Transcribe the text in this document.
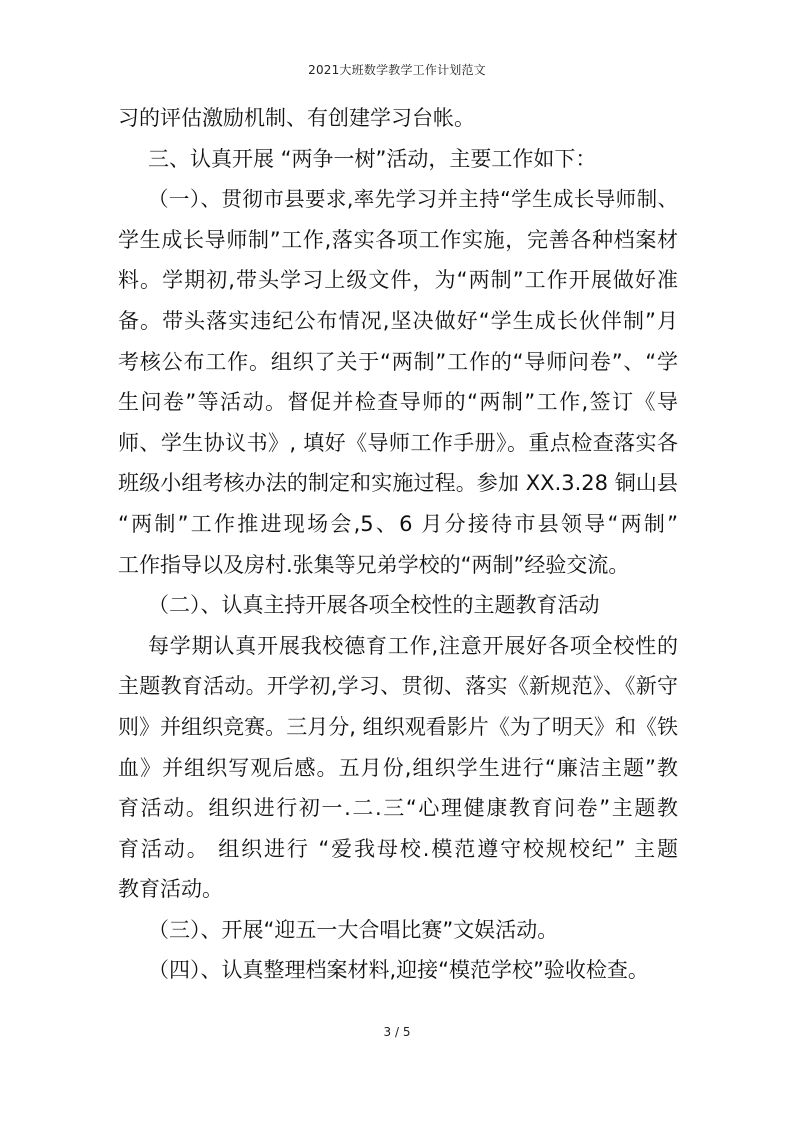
2021大班数学教学工作计划范文
习的评估激励机制、有创建学习台帐。
三、认真开展 “两争一树”活动，主要工作如下：
（一）、贯彻市县要求,率先学习并主持“学生成长导师制、
学生成长导师制”工作,落实各项工作实施，完善各种档案材
料。学期初,带头学习上级文件，为“两制”工作开展做好准
备。带头落实违纪公布情况,坚决做好“学生成长伙伴制”月
考核公布工作。组织了关于“两制”工作的“导师问卷”、“学
生问卷”等活动。督促并检查导师的“两制”工作,签订《导
师、学生协议书》, 填好《导师工作手册》。重点检查落实各
班级小组考核办法的制定和实施过程。参加 XX.3.28 铜山县
“两制”工作推进现场会,5、6 月分接待市县领导“两制”
工作指导以及房村.张集等兄弟学校的“两制”经验交流。
（二）、认真主持开展各项全校性的主题教育活动
每学期认真开展我校德育工作,注意开展好各项全校性的
主题教育活动。开学初,学习、贯彻、落实《新规范》、《新守
则》并组织竞赛。三月分, 组织观看影片《为了明天》和《铁
血》并组织写观后感。五月份,组织学生进行“廉洁主题”教
育活动。组织进行初一.二.三“心理健康教育问卷”主题教
育活动。 组织进行 “爱我母校.模范遵守校规校纪” 主题
教育活动。
（三）、开展“迎五一大合唱比赛”文娱活动。
（四）、认真整理档案材料,迎接“模范学校”验收检查。
3 / 5
